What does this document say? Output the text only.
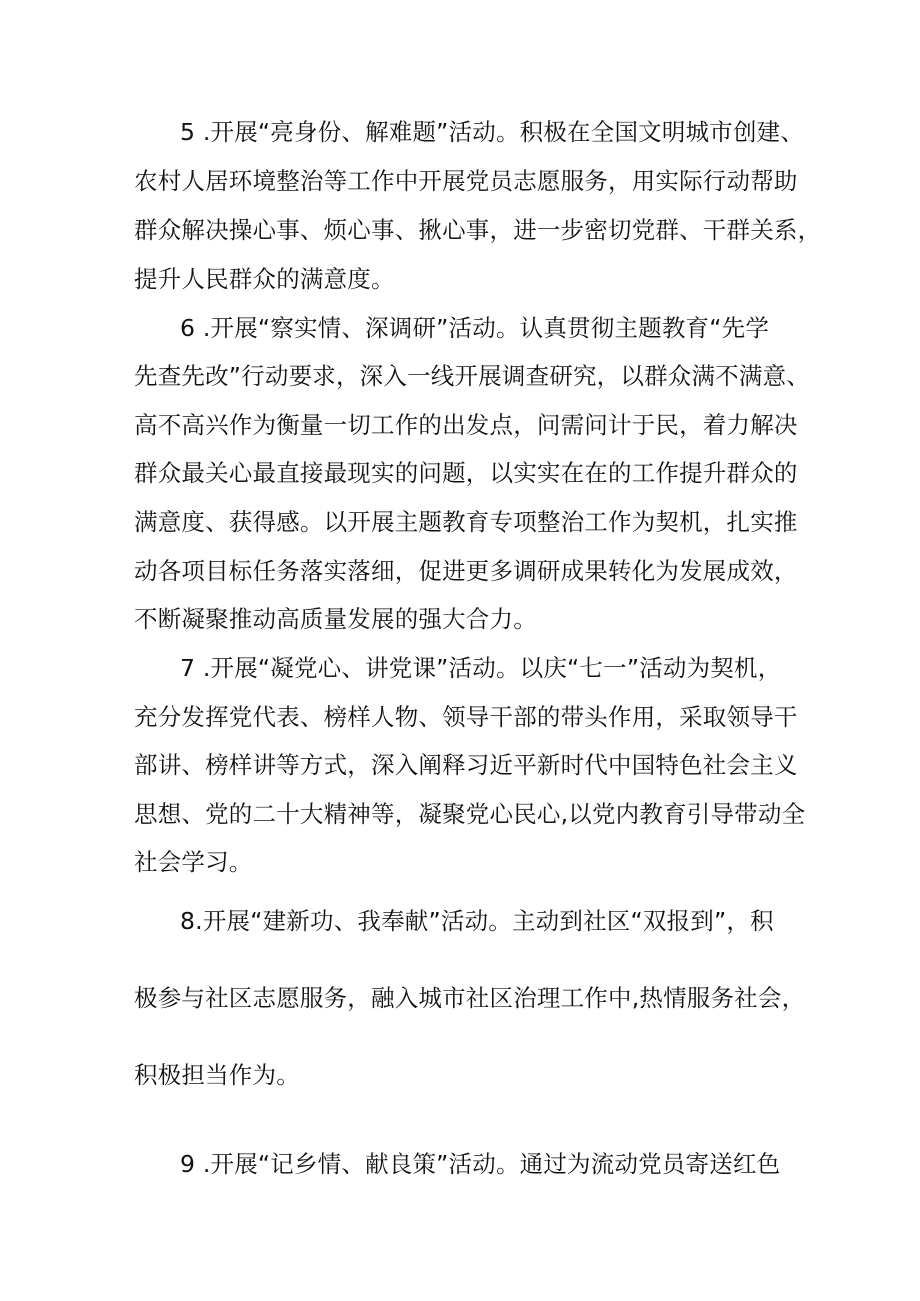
5 .开展“亮身份、解难题”活动。积极在全国文明城市创建、
农村人居环境整治等工作中开展党员志愿服务，用实际行动帮助
群众解决操心事、烦心事、揪心事，进一步密切党群、干群关系，
提升人民群众的满意度。
6 .开展“察实情、深调研”活动。认真贯彻主题教育“先学
先查先改”行动要求，深入一线开展调查研究，以群众满不满意、
高不高兴作为衡量一切工作的出发点，问需问计于民，着力解决
群众最关心最直接最现实的问题，以实实在在的工作提升群众的
满意度、获得感。以开展主题教育专项整治工作为契机，扎实推
动各项目标任务落实落细，促进更多调研成果转化为发展成效，
不断凝聚推动高质量发展的强大合力。
7 .开展“凝党心、讲党课”活动。以庆“七一”活动为契机，
充分发挥党代表、榜样人物、领导干部的带头作用，采取领导干
部讲、榜样讲等方式，深入阐释习近平新时代中国特色社会主义
思想、党的二十大精神等，凝聚党心民心,以党内教育引导带动全
社会学习。
8.开展“建新功、我奉献”活动。主动到社区“双报到”，积
极参与社区志愿服务，融入城市社区治理工作中,热情服务社会，
积极担当作为。
9 .开展“记乡情、献良策”活动。通过为流动党员寄送红色
